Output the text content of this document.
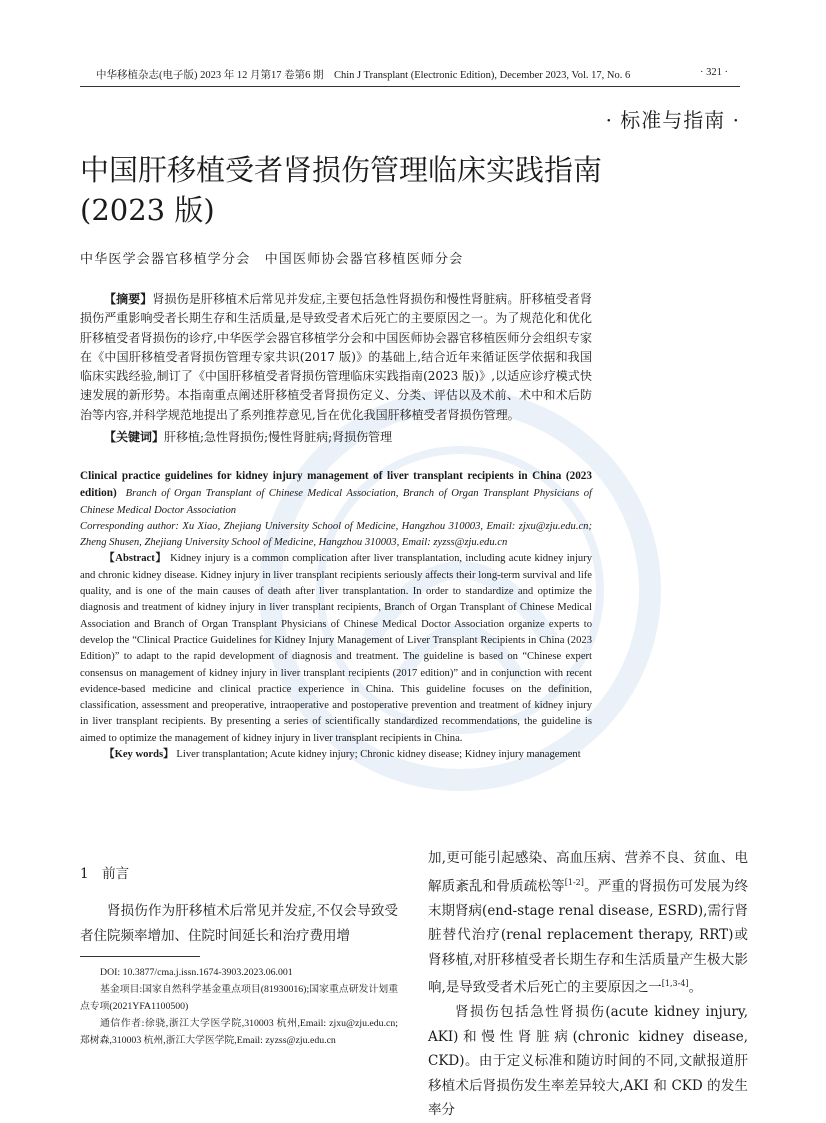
中华移植杂志(电子版) 2023 年 12 月第17 卷第6 期　Chin J Transplant (Electronic Edition), December 2023, Vol. 17, No. 6	· 321 ·
· 标准与指南 ·
中国肝移植受者肾损伤管理临床实践指南(2023 版)
中华医学会器官移植学分会　中国医师协会器官移植医师分会

【摘要】肾损伤是肝移植术后常见并发症,主要包括急性肾损伤和慢性肾脏病。肝移植受者肾损伤严重影响受者长期生存和生活质量,是导致受者术后死亡的主要原因之一。为了规范化和优化肝移植受者肾损伤的诊疗,中华医学会器官移植学分会和中国医师协会器官移植医师分会组织专家在《中国肝移植受者肾损伤管理专家共识(2017 版)》的基础上,结合近年来循证医学依据和我国临床实践经验,制订了《中国肝移植受者肾损伤管理临床实践指南(2023 版)》,以适应诊疗模式快速发展的新形势。本指南重点阐述肝移植受者肾损伤定义、分类、评估以及术前、术中和术后防治等内容,并科学规范地提出了系列推荐意见,旨在优化我国肝移植受者肾损伤管理。

【关键词】肝移植;急性肾损伤;慢性肾脏病;肾损伤管理

Clinical practice guidelines for kidney injury management of liver transplant recipients in China (2023 edition) Branch of Organ Transplant of Chinese Medical Association, Branch of Organ Transplant Physicians of Chinese Medical Doctor Association

Corresponding author: Xu Xiao, Zhejiang University School of Medicine, Hangzhou 310003, Email: zjxu@zju.edu.cn; Zheng Shusen, Zhejiang University School of Medicine, Hangzhou 310003, Email: zyzss@zju.edu.cn

【Abstract】 Kidney injury is a common complication after liver transplantation, including acute kidney injury and chronic kidney disease. Kidney injury in liver transplant recipients seriously affects their long-term survival and life quality, and is one of the main causes of death after liver transplantation. In order to standardize and optimize the diagnosis and treatment of kidney injury in liver transplant recipients, Branch of Organ Transplant of Chinese Medical Association and Branch of Organ Transplant Physicians of Chinese Medical Doctor Association organize experts to develop the “Clinical Practice Guidelines for Kidney Injury Management of Liver Transplant Recipients in China (2023 Edition)” to adapt to the rapid development of diagnosis and treatment. The guideline is based on “Chinese expert consensus on management of kidney injury in liver transplant recipients (2017 edition)” and in conjunction with recent evidence-based medicine and clinical practice experience in China. This guideline focuses on the definition, classification, assessment and preoperative, intraoperative and postoperative prevention and treatment of kidney injury in liver transplant recipients. By presenting a series of scientifically standardized recommendations, the guideline is aimed to optimize the management of kidney injury in liver transplant recipients in China.

【Key words】 Liver transplantation; Acute kidney injury; Chronic kidney disease; Kidney injury management

1　前言

肾损伤作为肝移植术后常见并发症,不仅会导致受者住院频率增加、住院时间延长和治疗费用增

DOI: 10.3877/cma.j.issn.1674-3903.2023.06.001

基金项目:国家自然科学基金重点项目(81930016);国家重点研发计划重点专项(2021YFA1100500)

通信作者:徐骁,浙江大学医学院,310003 杭州,Email: zjxu@zju.edu.cn; 郑树森,310003 杭州,浙江大学医学院,Email: zyzss@zju.edu.cn

加,更可能引起感染、高血压病、营养不良、贫血、电解质紊乱和骨质疏松等[1-2]。严重的肾损伤可发展为终末期肾病(end-stage renal disease, ESRD),需行肾脏替代治疗(renal replacement therapy, RRT)或肾移植,对肝移植受者长期生存和生活质量产生极大影响,是导致受者术后死亡的主要原因之一[1,3-4]。

肾损伤包括急性肾损伤(acute kidney injury, AKI)和慢性肾脏病(chronic kidney disease, CKD)。由于定义标准和随访时间的不同,文献报道肝移植术后肾损伤发生率差异较大,AKI 和 CKD 的发生率分
